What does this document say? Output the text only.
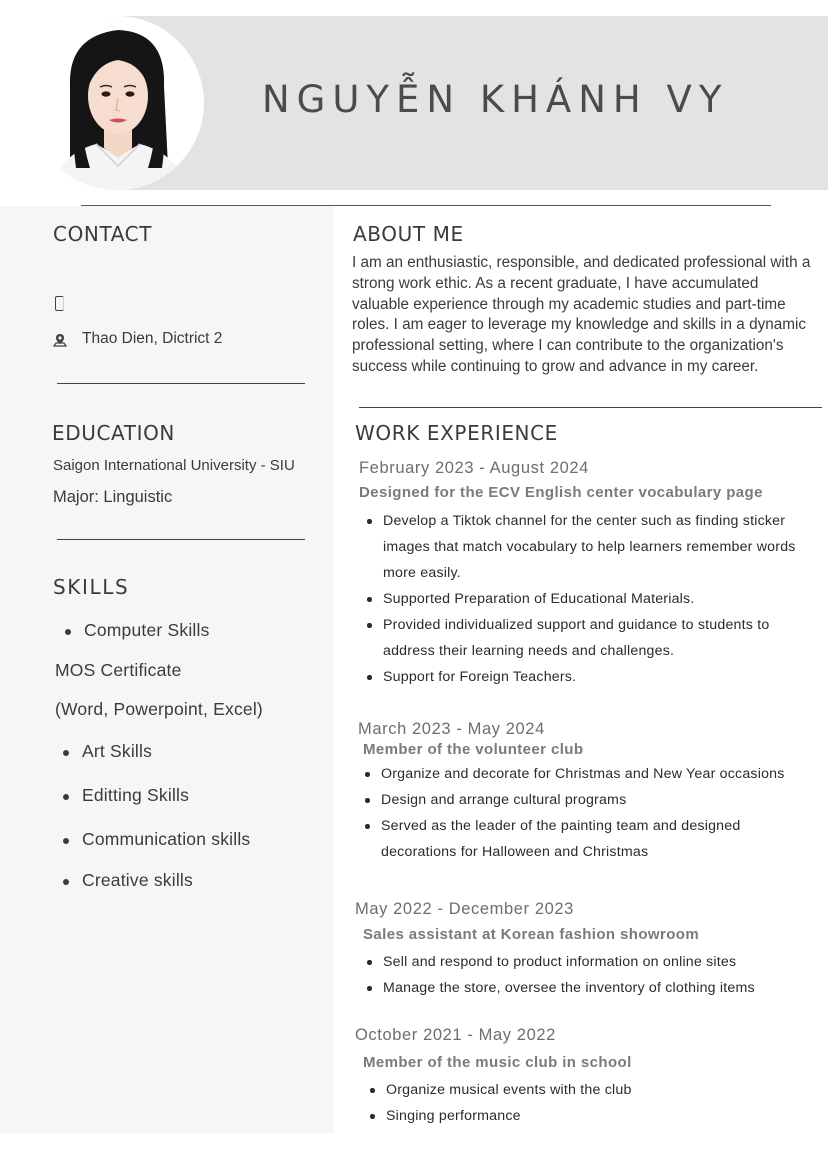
NGUYỄN KHÁNH VY
CONTACT
Thao Dien, Dictrict 2
EDUCATION
Saigon International University - SIU
Major: Linguistic
SKILLS
Computer Skills
MOS Certificate
(Word, Powerpoint, Excel)
Art Skills
Editting Skills
Communication skills
Creative skills
ABOUT ME
I am an enthusiastic, responsible, and dedicated professional with a strong work ethic. As a recent graduate, I have accumulated valuable experience through my academic studies and part-time roles. I am eager to leverage my knowledge and skills in a dynamic professional setting, where I can contribute to the organization's success while continuing to grow and advance in my career.
WORK EXPERIENCE
February 2023 - August 2024
Designed for the ECV English center vocabulary page
Develop a Tiktok channel for the center such as finding sticker images that match vocabulary to help learners remember words more easily.
Supported Preparation of Educational Materials.
Provided individualized support and guidance to students to address their learning needs and challenges.
Support for Foreign Teachers.
March 2023 - May 2024
Member of the volunteer club
Organize and decorate for Christmas and New Year occasions
Design and arrange cultural programs
Served as the leader of the painting team and designed decorations for Halloween and Christmas
May 2022 - December 2023
Sales assistant at Korean fashion showroom
Sell and respond to product information on online sites
Manage the store, oversee the inventory of clothing items
October 2021 - May 2022
Member of the music club in school
Organize musical events with the club
Singing performance
